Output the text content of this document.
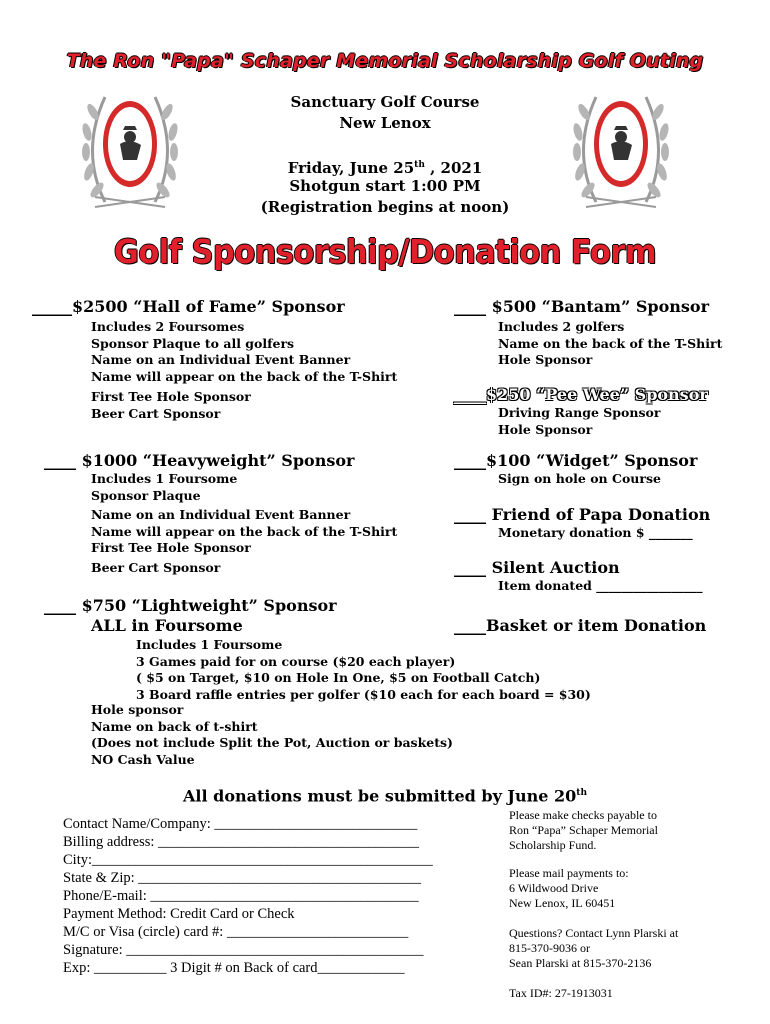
The Ron "Papa" Schaper Memorial Scholarship Golf Outing
Sanctuary Golf Course
New Lenox
Friday, June 25th , 2021
Shotgun start 1:00 PM
(Registration begins at noon)
Golf Sponsorship/Donation Form
_____$2500 “Hall of Fame” Sponsor
Includes 2 Foursomes
Sponsor Plaque to all golfers
Name on an Individual Event Banner
Name will appear on the back of the T-Shirt
First Tee Hole Sponsor
Beer Cart Sponsor
____ $1000 “Heavyweight” Sponsor
Includes 1 Foursome
Sponsor Plaque
Name on an Individual Event Banner
Name will appear on the back of the T-Shirt
First Tee Hole Sponsor
Beer Cart Sponsor
____ $750 “Lightweight” Sponsor
ALL in Foursome
Includes 1 Foursome
3 Games paid for on course ($20 each player)
( $5 on Target, $10 on Hole In One, $5 on Football Catch)
3 Board raffle entries per golfer ($10 each for each board = $30)
Hole sponsor
Name on back of t-shirt
(Does not include Split the Pot, Auction or baskets)
NO Cash Value
____ $500 “Bantam” Sponsor
Includes 2 golfers
Name on the back of the T-Shirt
Hole Sponsor
____$250 “Pee Wee” Sponsor
Driving Range Sponsor
Hole Sponsor
____$100 “Widget” Sponsor
Sign on hole on Course
____ Friend of Papa Donation
Monetary donation $ _______
____ Silent Auction
Item donated _________________
____Basket or item Donation
All donations must be submitted by June 20th
Contact Name/Company: ____________________________
Billing address: ____________________________________
City:_______________________________________________
State & Zip: _______________________________________
Phone/E-mail: _____________________________________
Payment Method: Credit Card or Check
M/C or Visa (circle) card #: _________________________
Signature: _________________________________________
Exp: __________ 3 Digit # on Back of card____________
Please make checks payable to
Ron “Papa” Schaper Memorial
Scholarship Fund.
Please mail payments to:
6 Wildwood Drive
New Lenox, IL 60451
Questions? Contact Lynn Plarski at
815-370-9036 or
Sean Plarski at 815-370-2136
Tax ID#: 27-1913031
